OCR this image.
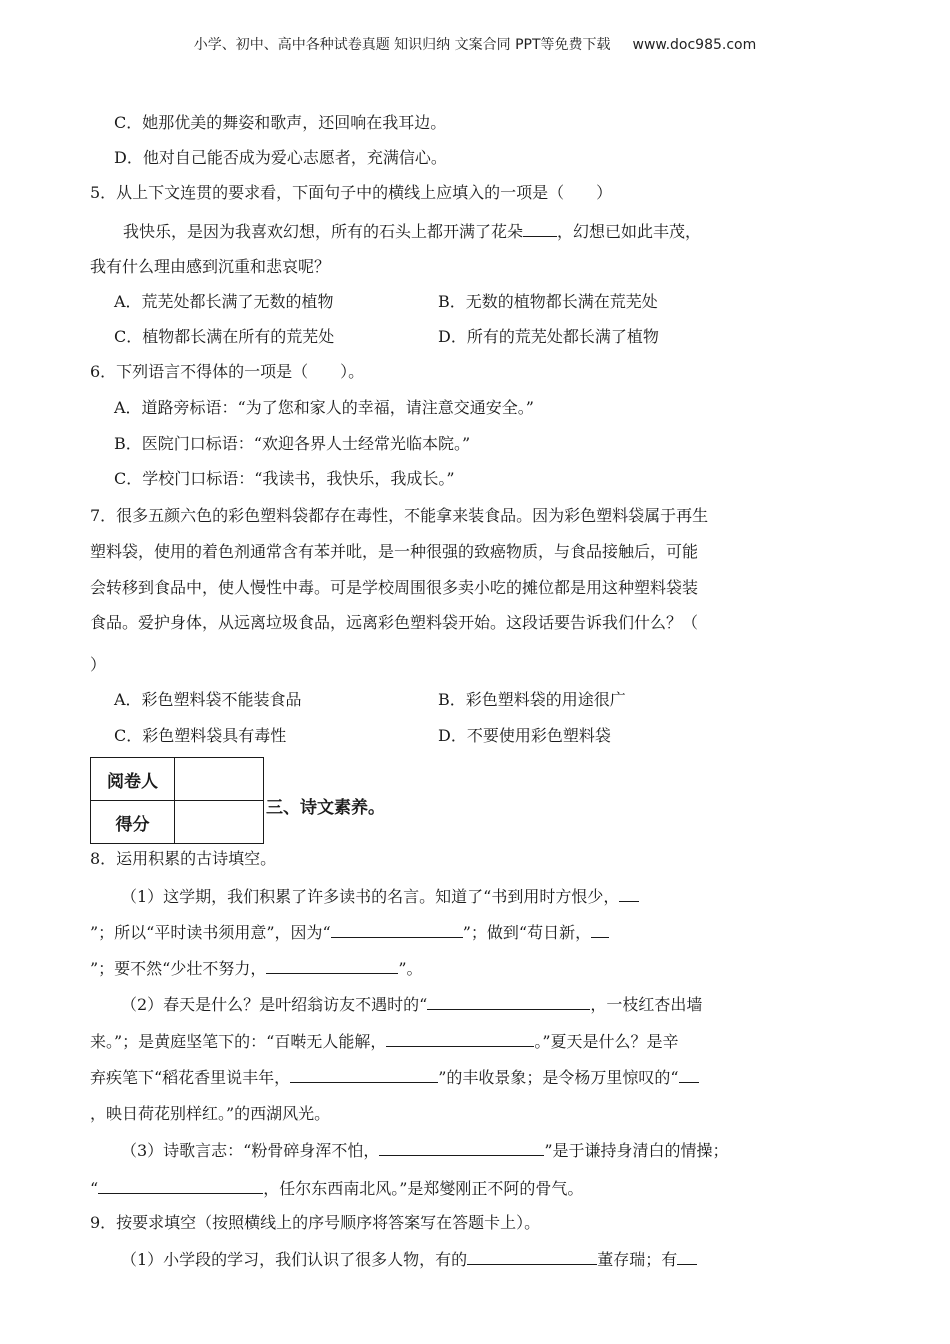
小学、初中、高中各种试卷真题 知识归纳 文案合同 PPT等免费下载 www.doc985.com
C．她那优美的舞姿和歌声，还回响在我耳边。
D．他对自己能否成为爱心志愿者，充满信心。
5．从上下文连贯的要求看，下面句子中的横线上应填入的一项是（　　）
我快乐，是因为我喜欢幻想，所有的石头上都开满了花朵 ，幻想已如此丰茂，
我有什么理由感到沉重和悲哀呢？
A．荒芜处都长满了无数的植物	B．无数的植物都长满在荒芜处
C．植物都长满在所有的荒芜处	D．所有的荒芜处都长满了植物
6．下列语言不得体的一项是（　　）。
A．道路旁标语：“为了您和家人的幸福，请注意交通安全。”
B．医院门口标语：“欢迎各界人士经常光临本院。”
C．学校门口标语：“我读书，我快乐，我成长。”
7．很多五颜六色的彩色塑料袋都存在毒性，不能拿来装食品。因为彩色塑料袋属于再生
塑料袋，使用的着色剂通常含有苯并吡，是一种很强的致癌物质，与食品接触后，可能
会转移到食品中，使人慢性中毒。可是学校周围很多卖小吃的摊位都是用这种塑料袋装
食品。爱护身体，从远离垃圾食品，远离彩色塑料袋开始。这段话要告诉我们什么？（
）
A．彩色塑料袋不能装食品	B．彩色塑料袋的用途很广
C．彩色塑料袋具有毒性	D．不要使用彩色塑料袋
阅卷人	
得分	
三、诗文素养。
8．运用积累的古诗填空。
（1）这学期，我们积累了许多读书的名言。知道了“书到用时方恨少，
”；所以“平时读书须用意”，因为“	”；做到“苟日新，
”；要不然“少壮不努力，	”。
（2）春天是什么？是叶绍翁访友不遇时的“	，一枝红杏出墙
来。”；是黄庭坚笔下的：“百啭无人能解，	。”夏天是什么？是辛
弃疾笔下“稻花香里说丰年，	”的丰收景象；是令杨万里惊叹的“
，映日荷花别样红。”的西湖风光。
（3）诗歌言志：“粉骨碎身浑不怕，	”是于谦持身清白的情操；
“	，任尔东西南北风。”是郑燮刚正不阿的骨气。
9．按要求填空（按照横线上的序号顺序将答案写在答题卡上）。
（1）小学段的学习，我们认识了很多人物，有的	董存瑞；有
